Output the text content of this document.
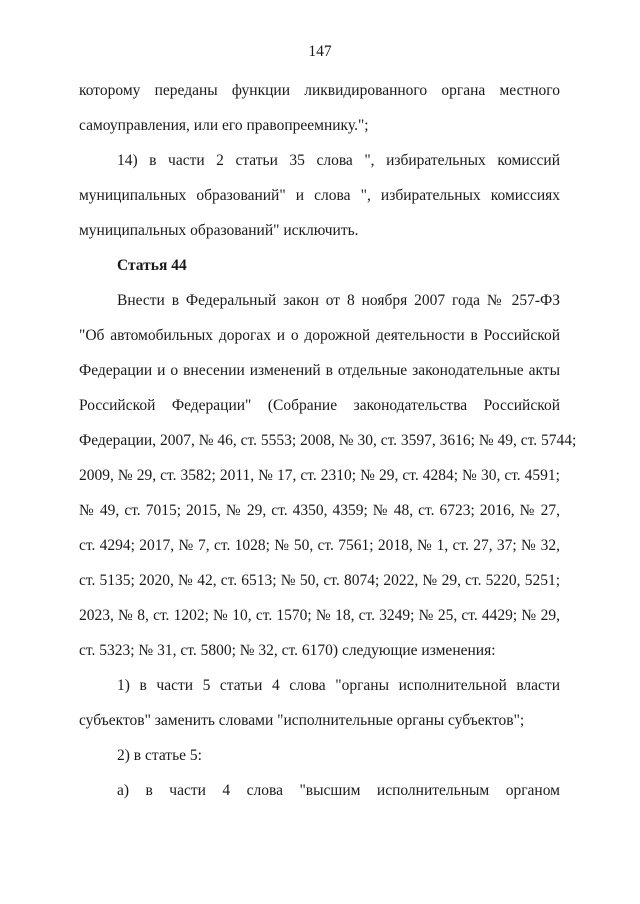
147
которому переданы функции ликвидированного органа местного
самоуправления, или его правопреемнику.";
14) в части 2 статьи 35 слова ", избирательных комиссий
муниципальных образований" и слова ", избирательных комиссиях
муниципальных образований" исключить.
Статья 44
Внести в Федеральный закон от 8 ноября 2007 года № 257-ФЗ
"Об автомобильных дорогах и о дорожной деятельности в Российской
Федерации и о внесении изменений в отдельные законодательные акты
Российской Федерации" (Собрание законодательства Российской
Федерации, 2007, № 46, ст. 5553; 2008, № 30, ст. 3597, 3616; № 49, ст. 5744;
2009, № 29, ст. 3582; 2011, № 17, ст. 2310; № 29, ст. 4284; № 30, ст. 4591;
№ 49, ст. 7015; 2015, № 29, ст. 4350, 4359; № 48, ст. 6723; 2016, № 27,
ст. 4294; 2017, № 7, ст. 1028; № 50, ст. 7561; 2018, № 1, ст. 27, 37; № 32,
ст. 5135; 2020, № 42, ст. 6513; № 50, ст. 8074; 2022, № 29, ст. 5220, 5251;
2023, № 8, ст. 1202; № 10, ст. 1570; № 18, ст. 3249; № 25, ст. 4429; № 29,
ст. 5323; № 31, ст. 5800; № 32, ст. 6170) следующие изменения:
1) в части 5 статьи 4 слова "органы исполнительной власти
субъектов" заменить словами "исполнительные органы субъектов";
2) в статье 5:
а) в части 4 слова "высшим исполнительным органом
